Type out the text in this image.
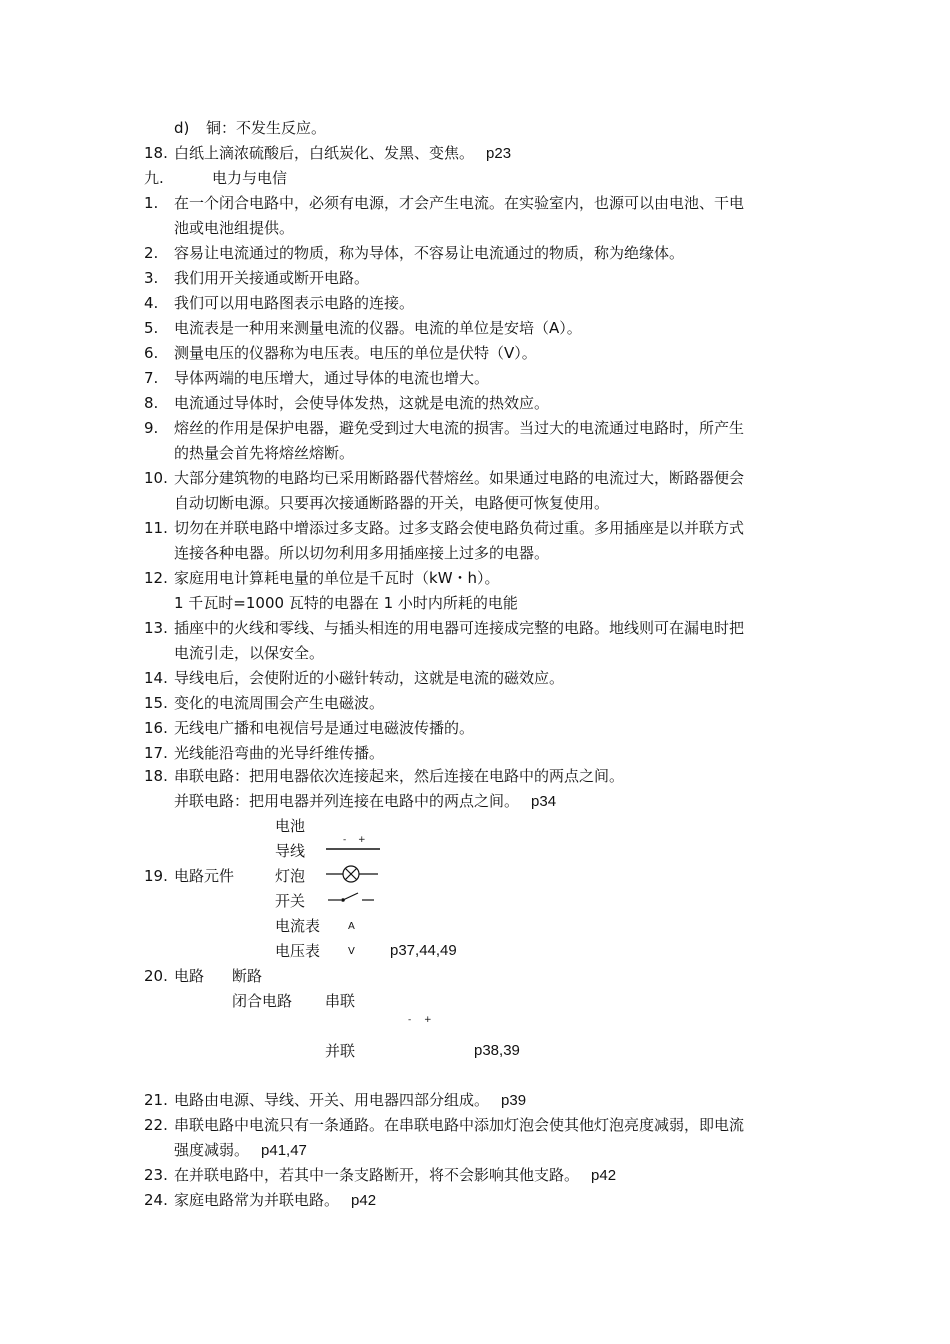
d) 铜：不发生反应。
18. 白纸上滴浓硫酸后，白纸炭化、发黑、变焦。 p23
九.	电力与电信
1. 在一个闭合电路中，必须有电源，才会产生电流。在实验室内，也源可以由电池、干电
池或电池组提供。
2. 容易让电流通过的物质，称为导体，不容易让电流通过的物质，称为绝缘体。
3. 我们用开关接通或断开电路。
4. 我们可以用电路图表示电路的连接。
5. 电流表是一种用来测量电流的仪器。电流的单位是安培（A）。
6. 测量电压的仪器称为电压表。电压的单位是伏特（V）。
7. 导体两端的电压增大，通过导体的电流也增大。
8. 电流通过导体时，会使导体发热，这就是电流的热效应。
9. 熔丝的作用是保护电器，避免受到过大电流的损害。当过大的电流通过电路时，所产生
的热量会首先将熔丝熔断。
10. 大部分建筑物的电路均已采用断路器代替熔丝。如果通过电路的电流过大，断路器便会
自动切断电源。只要再次接通断路器的开关，电路便可恢复使用。
11. 切勿在并联电路中增添过多支路。过多支路会使电路负荷过重。多用插座是以并联方式
连接各种电器。所以切勿利用多用插座接上过多的电器。
12. 家庭用电计算耗电量的单位是千瓦时（kW・h）。
1 千瓦时=1000 瓦特的电器在 1 小时内所耗的电能
13. 插座中的火线和零线、与插头相连的用电器可连接成完整的电路。地线则可在漏电时把
电流引走，以保安全。
14. 导线电后，会使附近的小磁针转动，这就是电流的磁效应。
15. 变化的电流周围会产生电磁波。
16. 无线电广播和电视信号是通过电磁波传播的。
17. 光线能沿弯曲的光导纤维传播。
18. 串联电路：把用电器依次连接起来，然后连接在电路中的两点之间。
并联电路：把用电器并列连接在电路中的两点之间。 p34
19. 电路元件
电池
导线
灯泡
开关
电流表
电压表
- +
A
V p37,44,49
20. 电路 断路
闭合电路 串联
- +
并联	p38,39
21. 电路由电源、导线、开关、用电器四部分组成。 p39
22. 串联电路中电流只有一条通路。在串联电路中添加灯泡会使其他灯泡亮度减弱，即电流
强度减弱。 p41,47
23. 在并联电路中，若其中一条支路断开，将不会影响其他支路。 p42
24. 家庭电路常为并联电路。 p42
